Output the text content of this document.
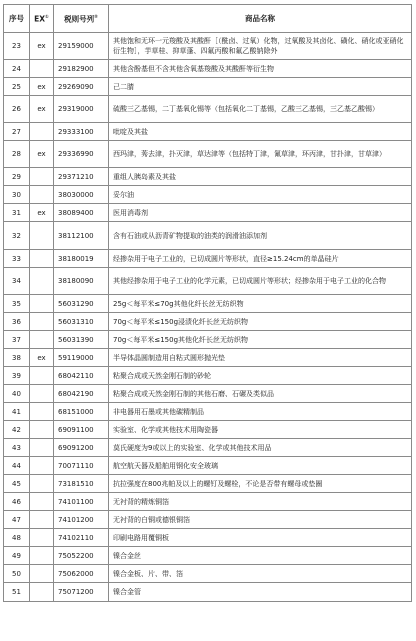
序号	EX①	税则号列②	商品名称
23	ex	29159000	其他饱和无环一元羧酸及其酸酐［（酰卤、过氧）化物，过氧酸及其卤化、磺化、硝化或亚硝化衍生物］，芋草桂、抑草蓬、四氟丙酸和氟乙酸钠除外
24		29182900	其他含酚基但不含其他含氧基羧酸及其酸酐等衍生物
25	ex	29269090	己二腈
26	ex	29319000	硫酸三乙基锡，二丁基氧化锡等（包括氧化二丁基锡，乙酸三乙基锡，三乙基乙酸锡）
27		29333100	吡啶及其盐
28	ex	29336990	西玛津，莠去津，扑灭津，草达津等（包括特丁津，氰草津，环丙津，甘扑津，甘草津）
29		29371210	重组人胰岛素及其盐
30		38030000	妥尔油
31	ex	38089400	医用消毒剂
32		38112100	含有石油或从沥青矿物提取的油类的润滑油添加剂
33		38180019	经掺杂用于电子工业的，已切成圆片等形状，直径≥15.24cm的单晶硅片
34		38180090	其他经掺杂用于电子工业的化学元素，已切成圆片等形状；经掺杂用于电子工业的化合物
35		56031290	25g＜每平米≤70g其他化纤长丝无纺织物
36		56031310	70g＜每平米≤150g浸渍化纤长丝无纺织物
37		56031390	70g＜每平米≤150g其他化纤长丝无纺织物
38	ex	59119000	半导体晶圆制造用自粘式圆形抛光垫
39		68042110	粘聚合成或天然金刚石制的砂轮
40		68042190	粘聚合成或天然金刚石制的其他石磨、石碾及类似品
41		68151000	非电器用石墨或其他碳精制品
42		69091100	实验室、化学或其他技术用陶瓷器
43		69091200	莫氏硬度为9或以上的实验室、化学或其他技术用品
44		70071110	航空航天器及船舶用钢化安全玻璃
45		73181510	抗拉强度在800兆帕及以上的螺钉及螺栓，不论是否带有螺母或垫圈
46		74101100	无衬背的精炼铜箔
47		74101200	无衬背的白铜或德银铜箔
48		74102110	印刷电路用覆铜板
49		75052200	镍合金丝
50		75062000	镍合金板、片、带、箔
51		75071200	镍合金管
